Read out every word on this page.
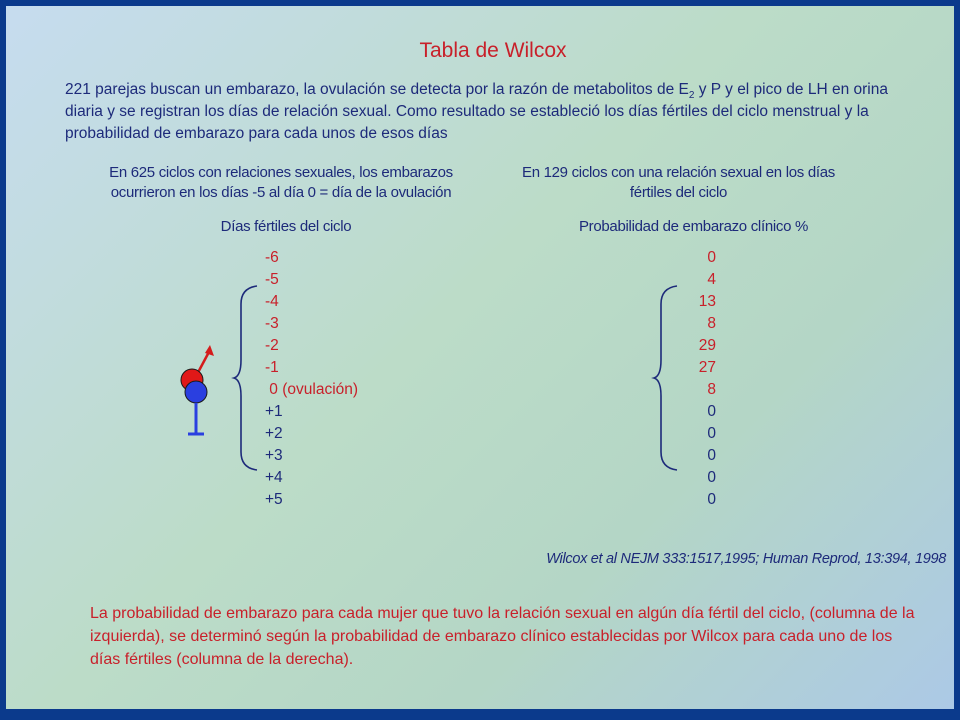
Tabla de Wilcox
221 parejas buscan un embarazo, la ovulación se detecta por la razón de metabolitos de $E_2$ y P y el pico de LH en orina diaria y se registran los días de relación sexual. Como resultado se estableció los días fértiles del ciclo menstrual y la probabilidad de embarazo para cada unos de esos días
En 625 ciclos con relaciones sexuales, los embarazos ocurrieron en los días -5 al día 0 = día de la ovulación
En 129 ciclos con una relación sexual en los días fértiles del ciclo
Días fértiles del ciclo	Probabilidad de embarazo clínico %
-6
-5
-4
-3
-2
-1
0 (ovulación)
+1
+2
+3
+4
+5
0
4
13
8
29
27
8
0
0
0
0
0
Wilcox et al NEJM 333:1517,1995; Human Reprod, 13:394, 1998
La probabilidad de embarazo para cada mujer que tuvo la relación sexual en algún día fértil del ciclo, (columna de la izquierda), se determinó según la probabilidad de embarazo clínico establecidas por Wilcox para cada uno de los días fértiles (columna de la derecha).
